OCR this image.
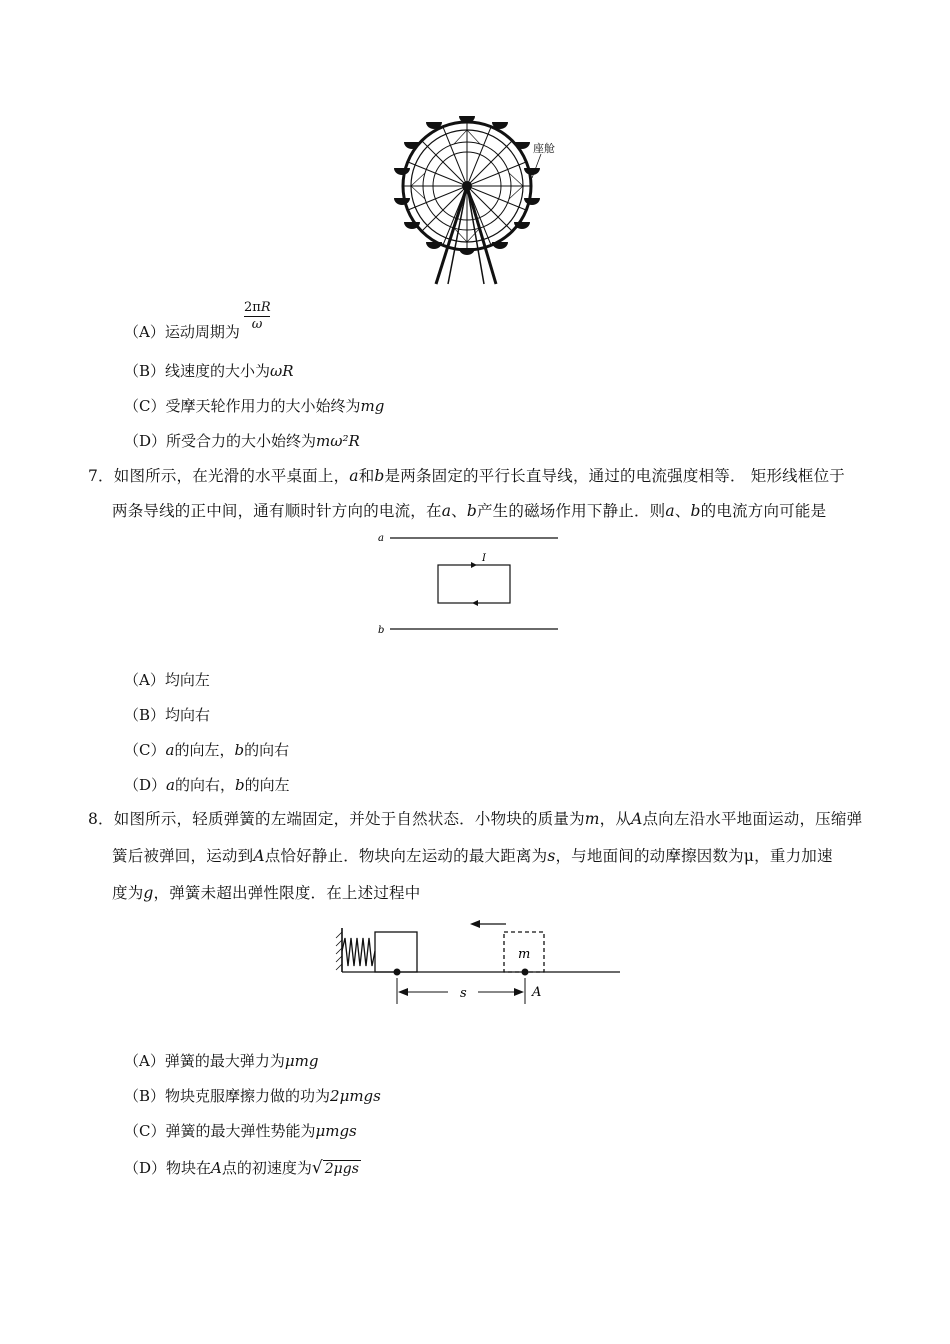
座舱
（A）运动周期为 $\frac{2\pi R}{\omega}$
（B）线速度的大小为ωR
（C）受摩天轮作用力的大小始终为mg
（D）所受合力的大小始终为mω²R
7．如图所示，在光滑的水平桌面上，a和b是两条固定的平行长直导线，通过的电流强度相等． 矩形线框位于
两条导线的正中间，通有顺时针方向的电流，在a、b产生的磁场作用下静止．则a、b的电流方向可能是
a
I
b
（A）均向左
（B）均向右
（C）a的向左，b的向右
（D）a的向右，b的向左
8．如图所示，轻质弹簧的左端固定，并处于自然状态．小物块的质量为m，从A点向左沿水平地面运动，压缩弹
簧后被弹回，运动到A点恰好静止．物块向左运动的最大距离为s，与地面间的动摩擦因数为μ，重力加速
度为g，弹簧未超出弹性限度．在上述过程中
m
s	A
（A）弹簧的最大弹力为μmg
（B）物块克服摩擦力做的功为2μmgs
（C）弹簧的最大弹性势能为μmgs
（D）物块在A点的初速度为√ 2μgs
